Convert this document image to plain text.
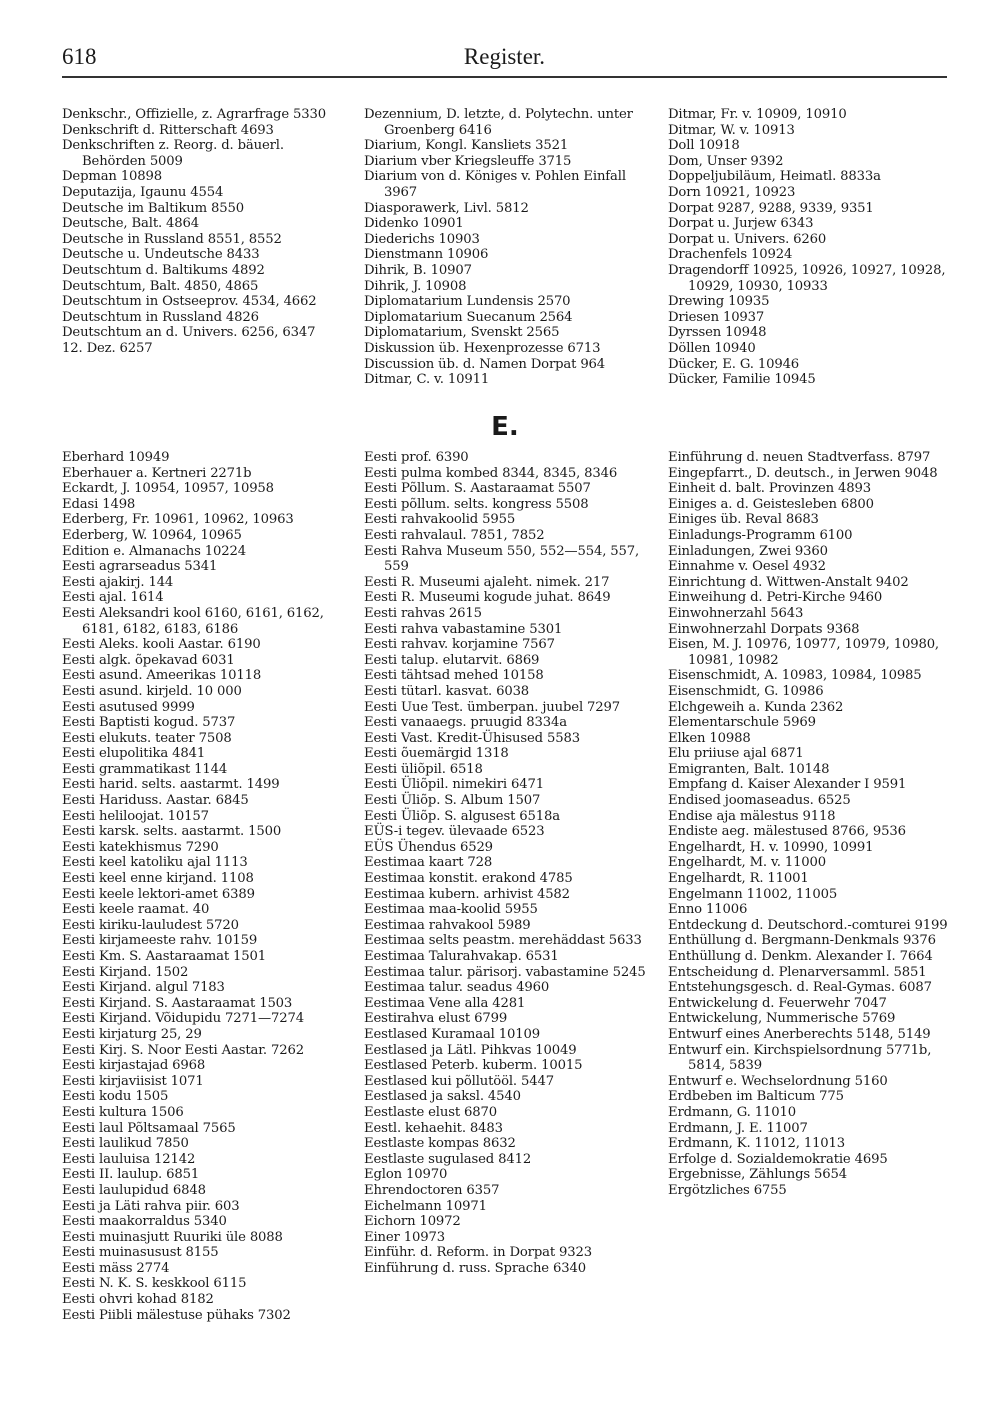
618	Register.

Denkschr., Offizielle, z. Agrarfrage 5330

Denkschrift d. Ritterschaft 4693

Denkschriften z. Reorg. d. bäuerl. Behörden 5009

Depman 10898

Deputazija, Igaunu 4554

Deutsche im Baltikum 8550

Deutsche, Balt. 4864

Deutsche in Russland 8551, 8552

Deutsche u. Undeutsche 8433

Deutschtum d. Baltikums 4892

Deutschtum, Balt. 4850, 4865

Deutschtum in Ostseeprov. 4534, 4662

Deutschtum in Russland 4826

Deutschtum an d. Univers. 6256, 6347

12. Dez. 6257

Dezennium, D. letzte, d. Polytechn. unter Groenberg 6416

Diarium, Kongl. Kansliets 3521

Diarium vber Kriegsleuffe 3715

Diarium von d. Königes v. Pohlen Einfall 3967

Diasporawerk, Livl. 5812

Didenko 10901

Diederichs 10903

Dienstmann 10906

Dihrik, B. 10907

Dihrik, J. 10908

Diplomatarium Lundensis 2570

Diplomatarium Suecanum 2564

Diplomatarium, Svenskt 2565

Diskussion üb. Hexenprozesse 6713

Discussion üb. d. Namen Dorpat 964

Ditmar, C. v. 10911

Ditmar, Fr. v. 10909, 10910

Ditmar, W. v. 10913

Doll 10918

Dom, Unser 9392

Doppeljubiläum, Heimatl. 8833a

Dorn 10921, 10923

Dorpat 9287, 9288, 9339, 9351

Dorpat u. Jurjew 6343

Dorpat u. Univers. 6260

Drachenfels 10924

Dragendorff 10925, 10926, 10927, 10928, 10929, 10930, 10933

Drewing 10935

Driesen 10937

Dyrssen 10948

Döllen 10940

Dücker, E. G. 10946

Dücker, Familie 10945

E.

Eberhard 10949

Eberhauer a. Kertneri 2271b

Eckardt, J. 10954, 10957, 10958

Edasi 1498

Ederberg, Fr. 10961, 10962, 10963

Ederberg, W. 10964, 10965

Edition e. Almanachs 10224

Eesti agrarseadus 5341

Eesti ajakirj. 144

Eesti ajal. 1614

Eesti Aleksandri kool 6160, 6161, 6162, 6181, 6182, 6183, 6186

Eesti Aleks. kooli Aastar. 6190

Eesti algk. õpekavad 6031

Eesti asund. Ameerikas 10118

Eesti asund. kirjeld. 10 000

Eesti asutused 9999

Eesti Baptisti kogud. 5737

Eesti elukuts. teater 7508

Eesti elupolitika 4841

Eesti grammatikast 1144

Eesti harid. selts. aastarmt. 1499

Eesti Hariduss. Aastar. 6845

Eesti heliloojat. 10157

Eesti karsk. selts. aastarmt. 1500

Eesti katekhismus 7290

Eesti keel katoliku ajal 1113

Eesti keel enne kirjand. 1108

Eesti keele lektori-amet 6389

Eesti keele raamat. 40

Eesti kiriku-lauludest 5720

Eesti kirjameeste rahv. 10159

Eesti Km. S. Aastaraamat 1501

Eesti Kirjand. 1502

Eesti Kirjand. algul 7183

Eesti Kirjand. S. Aastaraamat 1503

Eesti Kirjand. Võidupidu 7271—7274

Eesti kirjaturg 25, 29

Eesti Kirj. S. Noor Eesti Aastar. 7262

Eesti kirjastajad 6968

Eesti kirjaviisist 1071

Eesti kodu 1505

Eesti kultura 1506

Eesti laul Põltsamaal 7565

Eesti laulikud 7850

Eesti lauluisa 12142

Eesti II. laulup. 6851

Eesti laulupidud 6848

Eesti ja Läti rahva piir. 603

Eesti maakorraldus 5340

Eesti muinasjutt Ruuriki üle 8088

Eesti muinasusust 8155

Eesti mäss 2774

Eesti N. K. S. keskkool 6115

Eesti ohvri kohad 8182

Eesti Piibli mälestuse pühaks 7302

Eesti prof. 6390

Eesti pulma kombed 8344, 8345, 8346

Eesti Põllum. S. Aastaraamat 5507

Eesti põllum. selts. kongress 5508

Eesti rahvakoolid 5955

Eesti rahvalaul. 7851, 7852

Eesti Rahva Museum 550, 552—554, 557, 559

Eesti R. Museumi ajaleht. nimek. 217

Eesti R. Museumi kogude juhat. 8649

Eesti rahvas 2615

Eesti rahva vabastamine 5301

Eesti rahvav. korjamine 7567

Eesti talup. elutarvit. 6869

Eesti tähtsad mehed 10158

Eesti tütarl. kasvat. 6038

Eesti Uue Test. ümberpan. juubel 7297

Eesti vanaaegs. pruugid 8334a

Eesti Vast. Kredit-Ühisused 5583

Eesti õuemärgid 1318

Eesti üliõpil. 6518

Eesti Üliõpil. nimekiri 6471

Eesti Üliõp. S. Album 1507

Eesti Üliõp. S. algusest 6518a

EÜS-i tegev. ülevaade 6523

EÜS Ühendus 6529

Eestimaa kaart 728

Eestimaa konstit. erakond 4785

Eestimaa kubern. arhivist 4582

Eestimaa maa-koolid 5955

Eestimaa rahvakool 5989

Eestimaa selts peastm. merehäddast 5633

Eestimaa Talurahvakap. 6531

Eestimaa talur. pärisorj. vabastamine 5245

Eestimaa talur. seadus 4960

Eestimaa Vene alla 4281

Eestirahva elust 6799

Eestlased Kuramaal 10109

Eestlased ja Lätl. Pihkvas 10049

Eestlased Peterb. kuberm. 10015

Eestlased kui põllutööl. 5447

Eestlased ja saksl. 4540

Eestlaste elust 6870

Eestl. kehaehit. 8483

Eestlaste kompas 8632

Eestlaste sugulased 8412

Eglon 10970

Ehrendoctoren 6357

Eichelmann 10971

Eichorn 10972

Einer 10973

Einführ. d. Reform. in Dorpat 9323

Einführung d. russ. Sprache 6340

Einführung d. neuen Stadtverfass. 8797

Eingepfarrt., D. deutsch., in Jerwen 9048

Einheit d. balt. Provinzen 4893

Einiges a. d. Geistesleben 6800

Einiges üb. Reval 8683

Einladungs-Programm 6100

Einladungen, Zwei 9360

Einnahme v. Oesel 4932

Einrichtung d. Wittwen-Anstalt 9402

Einweihung d. Petri-Kirche 9460

Einwohnerzahl 5643

Einwohnerzahl Dorpats 9368

Eisen, M. J. 10976, 10977, 10979, 10980, 10981, 10982

Eisenschmidt, A. 10983, 10984, 10985

Eisenschmidt, G. 10986

Elchgeweih a. Kunda 2362

Elementarschule 5969

Elken 10988

Elu priiuse ajal 6871

Emigranten, Balt. 10148

Empfang d. Kaiser Alexander I 9591

Endised joomaseadus. 6525

Endise aja mälestus 9118

Endiste aeg. mälestused 8766, 9536

Engelhardt, H. v. 10990, 10991

Engelhardt, M. v. 11000

Engelhardt, R. 11001

Engelmann 11002, 11005

Enno 11006

Entdeckung d. Deutschord.-comturei 9199

Enthüllung d. Bergmann-Denkmals 9376

Enthüllung d. Denkm. Alexander I. 7664

Entscheidung d. Plenarversamml. 5851

Entstehungsgesch. d. Real-Gymas. 6087

Entwickelung d. Feuerwehr 7047

Entwickelung, Nummerische 5769

Entwurf eines Anerberechts 5148, 5149

Entwurf ein. Kirchspielsordnung 5771b, 5814, 5839

Entwurf e. Wechselordnung 5160

Erdbeben im Balticum 775

Erdmann, G. 11010

Erdmann, J. E. 11007

Erdmann, K. 11012, 11013

Erfolge d. Sozialdemokratie 4695

Ergebnisse, Zählungs 5654

Ergötzliches 6755
